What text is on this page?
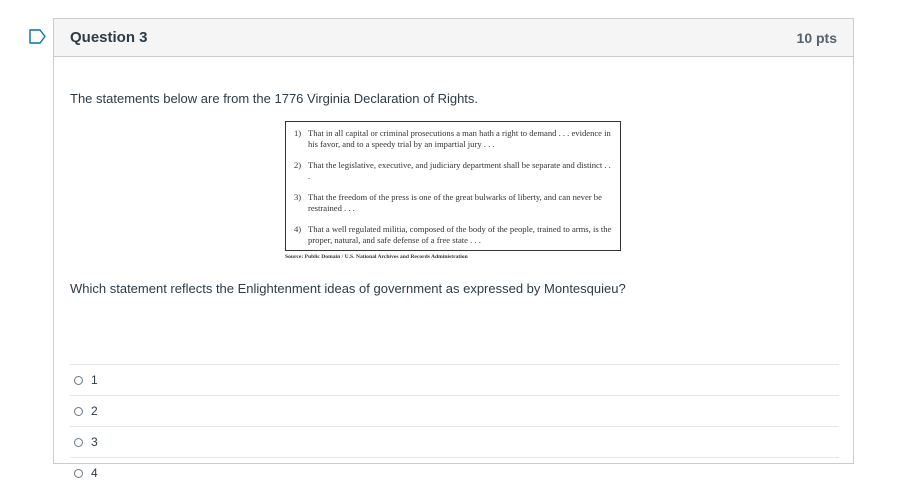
Question 3	10 pts
The statements below are from the 1776 Virginia Declaration of Rights.
1) That in all capital or criminal prosecutions a man hath a right to demand . . . evidence in his favor, and to a speedy trial by an impartial jury . . .
2) That the legislative, executive, and judiciary department shall be separate and distinct . . .
3) That the freedom of the press is one of the great bulwarks of liberty, and can never be restrained . . .
4) That a well regulated militia, composed of the body of the people, trained to arms, is the proper, natural, and safe defense of a free state . . .
Source: Public Domain / U.S. National Archives and Records Administration
Which statement reflects the Enlightenment ideas of government as expressed by Montesquieu?
1
2
3
4
